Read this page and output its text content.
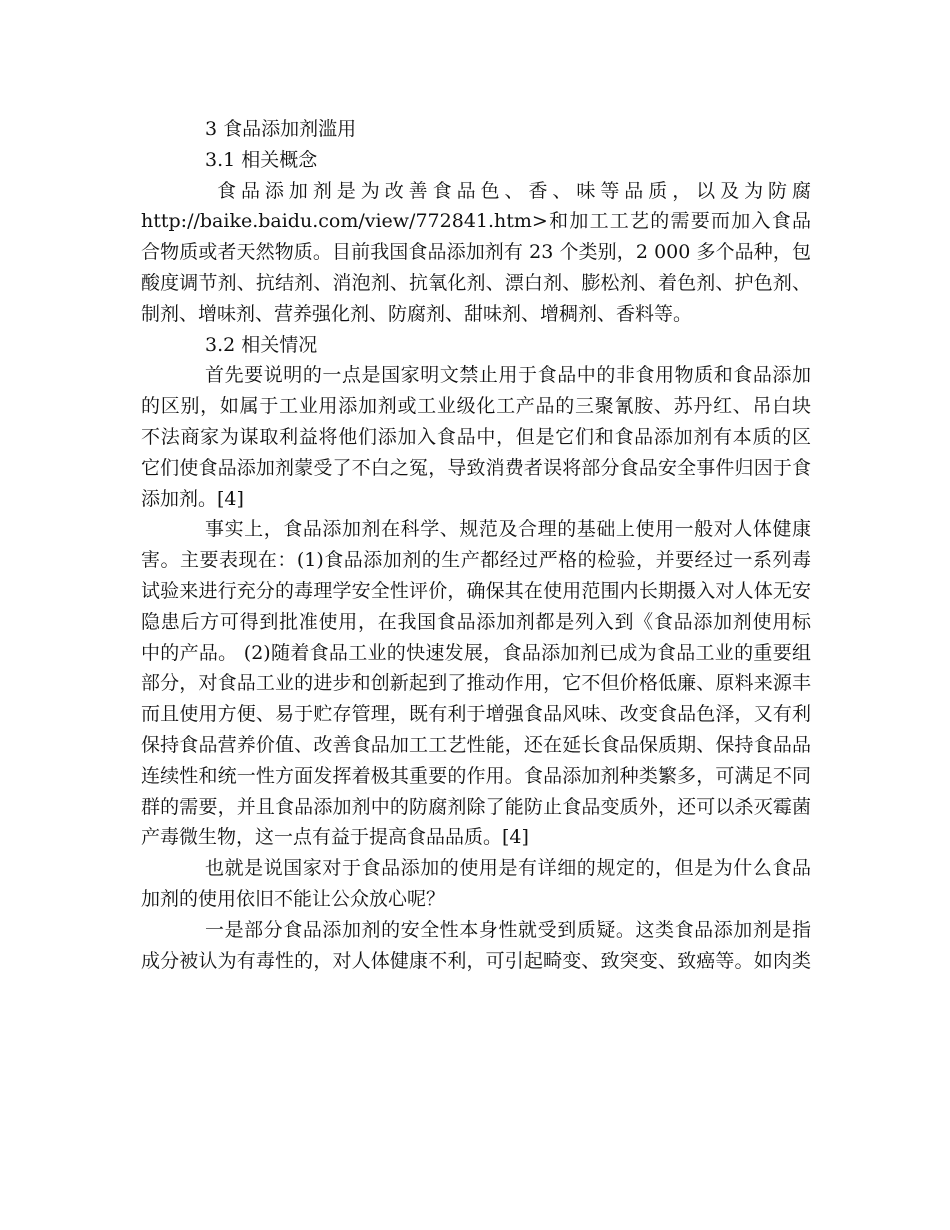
3 食品添加剂滥用
3.1 相关概念
食品添加剂是为改善食品色、香、味等品质，以及为防腐
http://baike.baidu.com/view/772841.htm>和加工工艺的需要而加入食品
合物质或者天然物质。目前我国食品添加剂有 23 个类别，2 000 多个品种，包
酸度调节剂、抗结剂、消泡剂、抗氧化剂、漂白剂、膨松剂、着色剂、护色剂、
制剂、增味剂、营养强化剂、防腐剂、甜味剂、增稠剂、香料等。
3.2 相关情况
首先要说明的一点是国家明文禁止用于食品中的非食用物质和食品添加
的区别，如属于工业用添加剂或工业级化工产品的三聚氰胺、苏丹红、吊白块
不法商家为谋取利益将他们添加入食品中，但是它们和食品添加剂有本质的区
它们使食品添加剂蒙受了不白之冤，导致消费者误将部分食品安全事件归因于食
添加剂。[4]
事实上，食品添加剂在科学、规范及合理的基础上使用一般对人体健康
害。主要表现在：(1)食品添加剂的生产都经过严格的检验，并要经过一系列毒
试验来进行充分的毒理学安全性评价，确保其在使用范围内长期摄入对人体无安
隐患后方可得到批准使用，在我国食品添加剂都是列入到《食品添加剂使用标
中的产品。 (2)随着食品工业的快速发展，食品添加剂已成为食品工业的重要组
部分，对食品工业的进步和创新起到了推动作用，它不但价格低廉、原料来源丰
而且使用方便、易于贮存管理，既有利于增强食品风味、改变食品色泽，又有利
保持食品营养价值、改善食品加工工艺性能，还在延长食品保质期、保持食品品
连续性和统一性方面发挥着极其重要的作用。食品添加剂种类繁多，可满足不同
群的需要，并且食品添加剂中的防腐剂除了能防止食品变质外，还可以杀灭霉菌
产毒微生物，这一点有益于提高食品品质。[4]
也就是说国家对于食品添加的使用是有详细的规定的，但是为什么食品
加剂的使用依旧不能让公众放心呢？
一是部分食品添加剂的安全性本身性就受到质疑。这类食品添加剂是指
成分被认为有毒性的，对人体健康不利，可引起畸变、致突变、致癌等。如肉类
